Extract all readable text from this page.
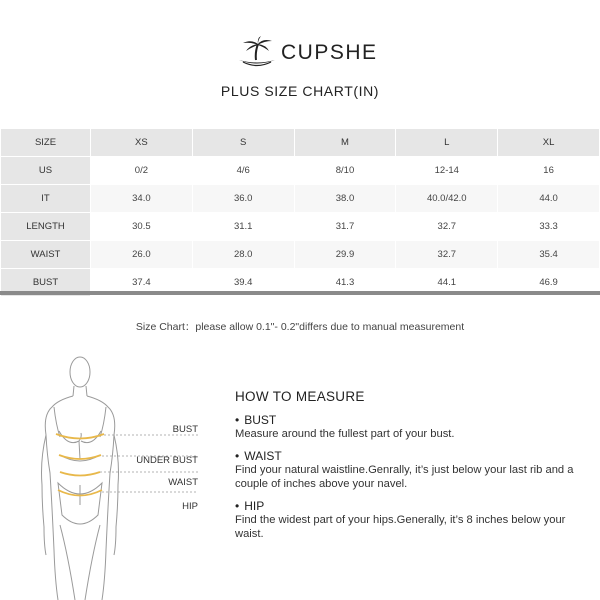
CUPSHE
PLUS SIZE CHART(IN)
SIZE	XS	S	M	L	XL
US	0/2	4/6	8/10	12-14	16
IT	34.0	36.0	38.0	40.0/42.0	44.0
LENGTH	30.5	31.1	31.7	32.7	33.3
WAIST	26.0	28.0	29.9	32.7	35.4
BUST	37.4	39.4	41.3	44.1	46.9
Size Chart：please allow 0.1"- 0.2"differs due to manual measurement
BUST
UNDER BUST
WAIST
HIP
HOW TO MEASURE
• BUST
Measure around the fullest part of your bust.
• WAIST
Find your natural waistline.Genrally, it’s just below your last rib and a couple of inches above your navel.
• HIP
Find the widest part of your hips.Generally, it’s 8 inches below your waist.
